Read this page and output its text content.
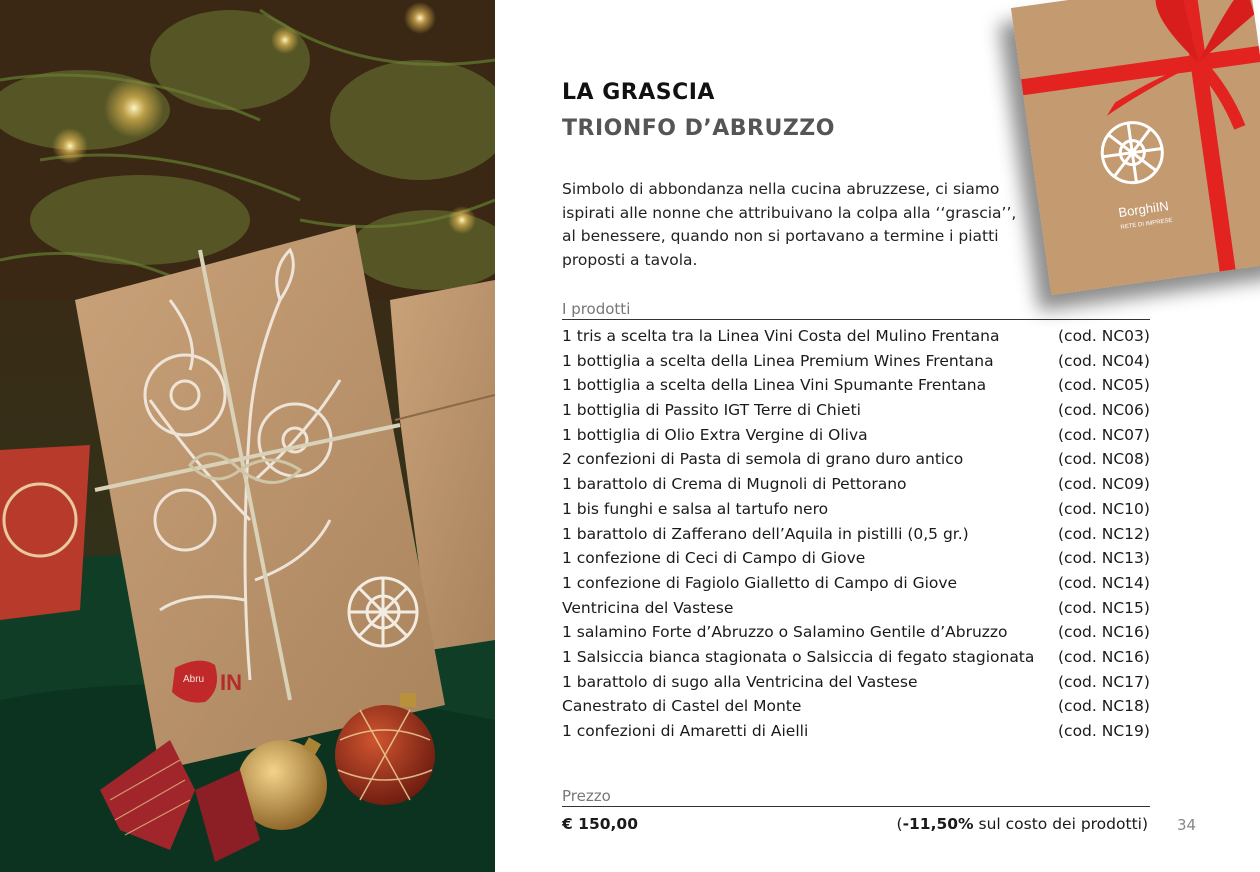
Abru IN
BorghiIN
RETE DI IMPRESE
LA GRASCIA
TRIONFO D’ABRUZZO

Simbolo di abbondanza nella cucina abruzzese, ci siamo ispirati alle nonne che attribuivano la colpa alla ‘‘grascia’’, al benessere, quando non si portavano a termine i piatti proposti a tavola.

I prodotti
1 tris a scelta tra la Linea Vini Costa del Mulino Frentana	(cod. NC03)
1 bottiglia a scelta della Linea Premium Wines Frentana	(cod. NC04)
1 bottiglia a scelta della Linea Vini Spumante Frentana	(cod. NC05)
1 bottiglia di Passito IGT Terre di Chieti	(cod. NC06)
1 bottiglia di Olio Extra Vergine di Oliva	(cod. NC07)
2 confezioni di Pasta di semola di grano duro antico	(cod. NC08)
1 barattolo di Crema di Mugnoli di Pettorano	(cod. NC09)
1 bis funghi e salsa al tartufo nero	(cod. NC10)
1 barattolo di Zafferano dell’Aquila in pistilli (0,5 gr.)	(cod. NC12)
1 confezione di Ceci di Campo di Giove	(cod. NC13)
1 confezione di Fagiolo Gialletto di Campo di Giove	(cod. NC14)
Ventricina del Vastese	(cod. NC15)
1 salamino Forte d’Abruzzo o Salamino Gentile d’Abruzzo	(cod. NC16)
1 Salsiccia bianca stagionata o Salsiccia di fegato stagionata (cod. NC16)
1 barattolo di sugo alla Ventricina del Vastese	(cod. NC17)
Canestrato di Castel del Monte	(cod. NC18)
1 confezioni di Amaretti di Aielli	(cod. NC19)
Prezzo
€ 150,00	(-11,50% sul costo dei prodotti) 34
